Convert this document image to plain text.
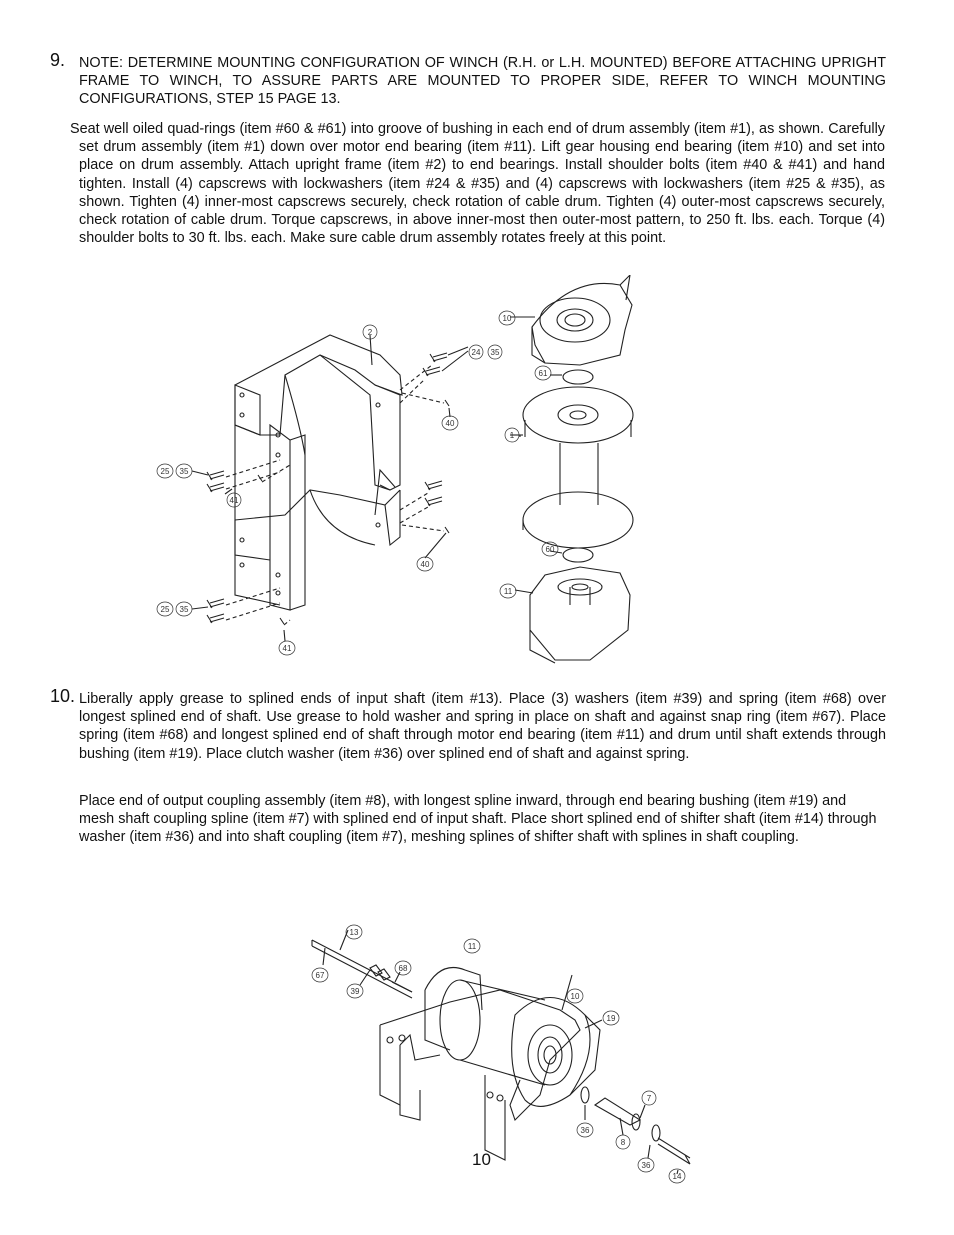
9. NOTE: DETERMINE MOUNTING CONFIGURATION OF WINCH (R.H. or L.H. MOUNTED) BEFORE ATTACHING UPRIGHT FRAME TO WINCH, TO ASSURE PARTS ARE MOUNTED TO PROPER SIDE, REFER TO WINCH MOUNTING CONFIGURATIONS, STEP 15 PAGE 13.
Seat well oiled quad-rings (item #60 & #61) into groove of bushing in each end of drum assembly (item #1), as shown. Carefully set drum assembly (item #1) down over motor end bearing (item #11). Lift gear housing end bearing (item #10) and set into place on drum assembly. Attach upright frame (item #2) to end bearings. Install shoulder bolts (item #40 & #41) and hand tighten. Install (4) capscrews with lockwashers (item #24 & #35) and (4) capscrews with lockwashers (item #25 & #35), as shown. Tighten (4) inner-most capscrews securely, check rotation of cable drum. Tighten (4) outer-most capscrews securely, check rotation of cable drum. Torque capscrews, in above inner-most then outer-most pattern, to 250 ft. lbs. each. Torque (4) shoulder bolts to 30 ft. lbs. each. Make sure cable drum assembly rotates freely at this point.
2
24 35
10
61
1
40
25 35
41
40
60
11
25 35
41
10. Liberally apply grease to splined ends of input shaft (item #13). Place (3) washers (item #39) and spring (item #68) over longest splined end of shaft. Use grease to hold washer and spring in place on shaft and against snap ring (item #67). Place spring (item #68) and longest splined end of shaft through motor end bearing (item #11) and drum until shaft extends through bushing (item #19). Place clutch washer (item #36) over splined end of shaft and against spring.
Place end of output coupling assembly (item #8), with longest spline inward, through end bearing bushing (item #19) and mesh shaft coupling spline (item #7) with splined end of input shaft. Place short splined end of shifter shaft (item #14) through washer (item #36) and into shaft coupling (item #7), meshing splines of shifter shaft with splines in shaft coupling.
13
67
39
68
11
10
19
7
36
8
36
14
10
